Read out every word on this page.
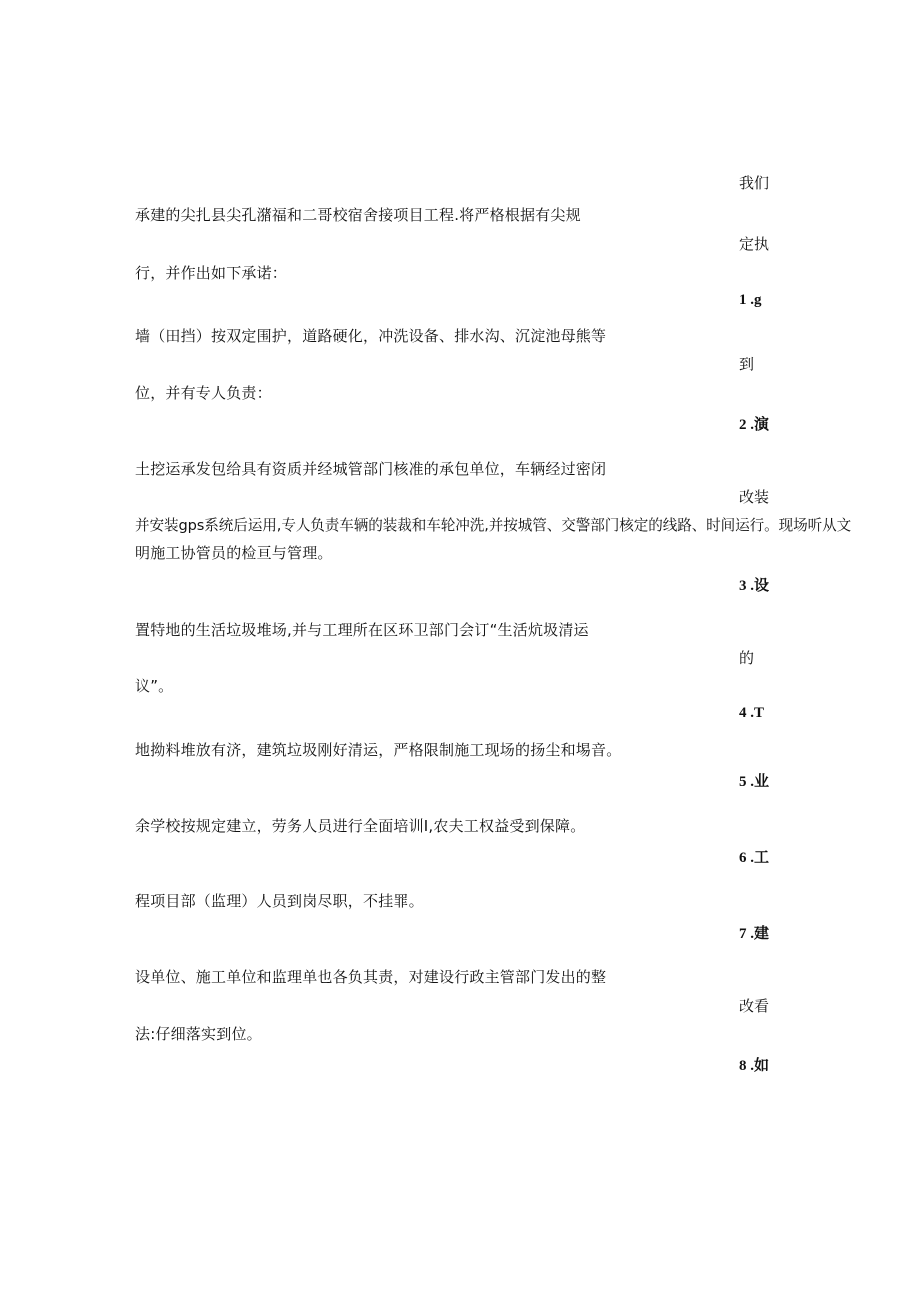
我们
定执
1 .g
到
2 .演
改装
3 .设
的
4 .T
5 .业
6 .工
7 .建
改看
8 .如
承建的尖扎县尖孔潴福和二哥校宿舍接项目工程.将严格根据有尖规
行，并作出如下承诺：
墙（田挡）按双定围护，道路硬化，冲洗设备、排水沟、沉淀池母熊等
位，并有专人负责：
土挖运承发包给具有资质并经城管部门核准的承包单位，车辆经过密闭
并安装gps系统后运用,专人负责车辆的装裁和车轮冲洗,并按城管、交警部门核定的线路、时间运行。现场听从文
明施工协管员的检亘与管理。
置特地的生活垃圾堆场,并与工理所在区环卫部门会订“生活炕圾清运
议”。
地拗料堆放有济，建筑垃圾刚好清运，严格限制施工现场的扬尘和埸音。
余学校按规定建立，劳务人员进行全面培训I,农夫工权益受到保障。
程项目部（监理）人员到岗尽职，不挂罪。
设单位、施工单位和监理单也各负其责，对建设行政主管部门发出的整
法:仔细落实到位。
